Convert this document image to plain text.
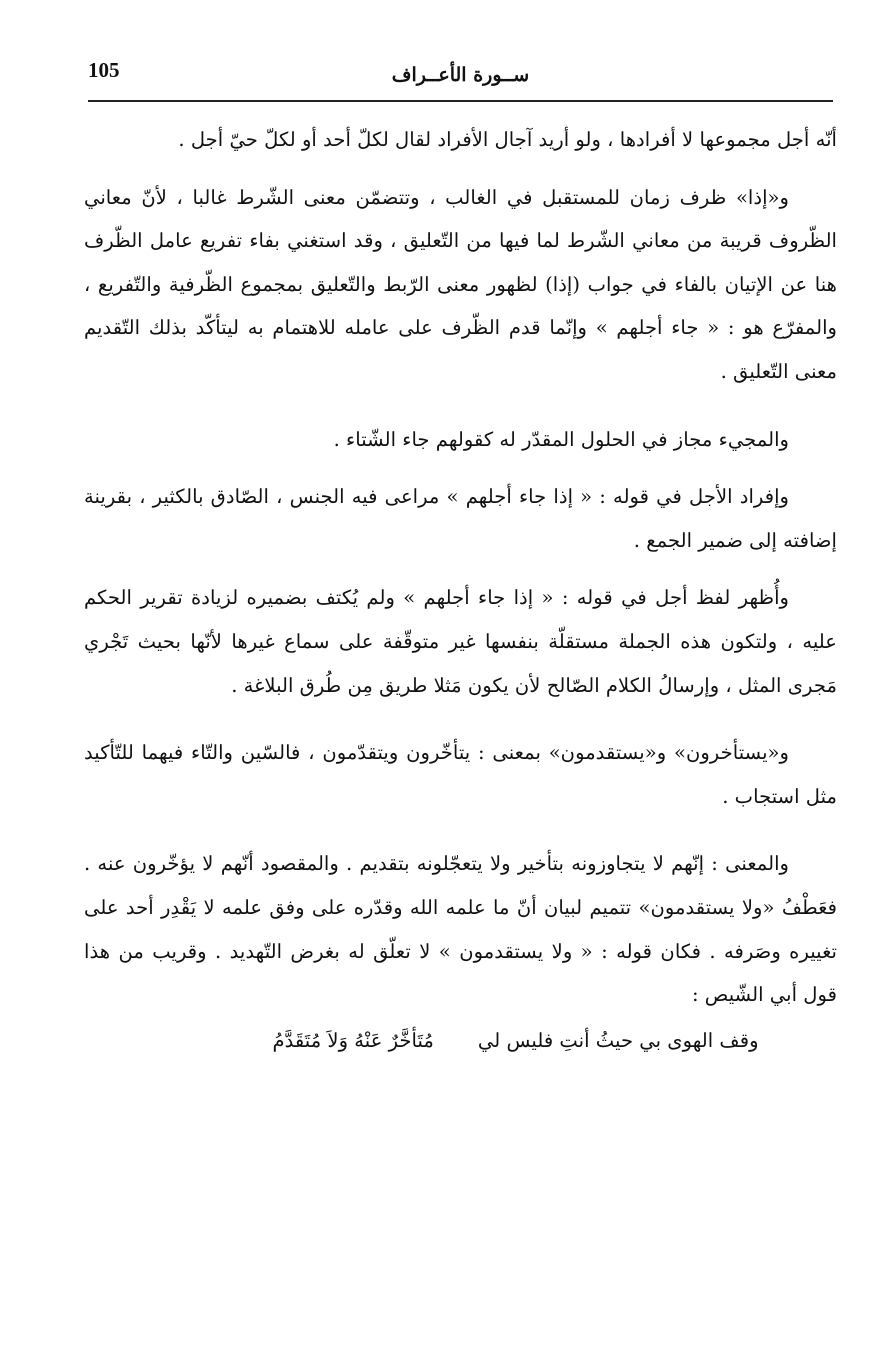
105	ســورة الأعــراف

أنّه أجل مجموعها لا أفرادها ، ولو أريد آجال الأفراد لقال لكلّ أحد أو لكلّ حيّ أجل .

و«إذا» ظرف زمان للمستقبل في الغالب ، وتتضمّن معنى الشّرط غالبا ، لأنّ معاني الظّروف قريبة من معاني الشّرط لما فيها من التّعليق ، وقد استغني بفاء تفريع عامل الظّرف هنا عن الإتيان بالفاء في جواب (إذا) لظهور معنى الرّبط والتّعليق بمجموع الظّرفية والتّفريع ، والمفرّع هو : « جاء أجلهم » وإنّما قدم الظّرف على عامله للاهتمام به ليتأكّد بذلك التّقديم معنى التّعليق .

والمجيء مجاز في الحلول المقدّر له كقولهم جاء الشّتاء .

وإفراد الأجل في قوله : « إذا جاء أجلهم » مراعى فيه الجنس ، الصّادق بالكثير ، بقرينة إضافته إلى ضمير الجمع .

وأُظهر لفظ أجل في قوله : « إذا جاء أجلهم » ولم يُكتف بضميره لزيادة تقرير الحكم عليه ، ولتكون هذه الجملة مستقلّة بنفسها غير متوقّفة على سماع غيرها لأنّها بحيث تَجْري مَجرى المثل ، وإرسالُ الكلام الصّالح لأن يكون مَثلا طريق مِن طُرق البلاغة .

و«يستأخرون» و«يستقدمون» بمعنى : يتأخّرون ويتقدّمون ، فالسّين والتّاء فيهما للتّأكيد مثل استجاب .

والمعنى : إنّهم لا يتجاوزونه بتأخير ولا يتعجّلونه بتقديم . والمقصود أنّهم لا يؤخّرون عنه . فعَطْفُ «ولا يستقدمون» تتميم لبيان أنّ ما علمه الله وقدّره على وفق علمه لا يَقْدِر أحد على تغييره وصَرفه . فكان قوله : « ولا يستقدمون » لا تعلّق له بغرض التّهديد . وقريب من هذا قول أبي الشّيص :

وقف الهوى بي حيثُ أنتِ فليس لي
مُتَأخَّرٌ عَنْهُ وَلاَ مُتَقَدَّمُ
